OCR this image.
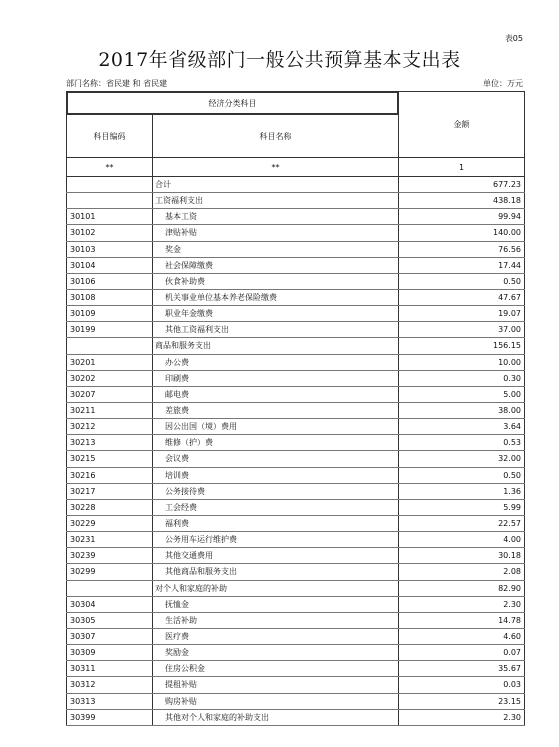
表05
2017年省级部门一般公共预算基本支出表
部门名称：省民建 和 省民建	单位：万元
经济分类科目		金额
科目编码	科目名称	
**	**	1
	合计	677.23
	工资福利支出	438.18
30101	基本工资	99.94
30102	津贴补贴	140.00
30103	奖金	76.56
30104	社会保障缴费	17.44
30106	伙食补助费	0.50
30108	机关事业单位基本养老保险缴费	47.67
30109	职业年金缴费	19.07
30199	其他工资福利支出	37.00
	商品和服务支出	156.15
30201	办公费	10.00
30202	印刷费	0.30
30207	邮电费	5.00
30211	差旅费	38.00
30212	因公出国（境）费用	3.64
30213	维修（护）费	0.53
30215	会议费	32.00
30216	培训费	0.50
30217	公务接待费	1.36
30228	工会经费	5.99
30229	福利费	22.57
30231	公务用车运行维护费	4.00
30239	其他交通费用	30.18
30299	其他商品和服务支出	2.08
	对个人和家庭的补助	82.90
30304	抚恤金	2.30
30305	生活补助	14.78
30307	医疗费	4.60
30309	奖励金	0.07
30311	住房公积金	35.67
30312	提租补贴	0.03
30313	购房补贴	23.15
30399	其他对个人和家庭的补助支出	2.30
